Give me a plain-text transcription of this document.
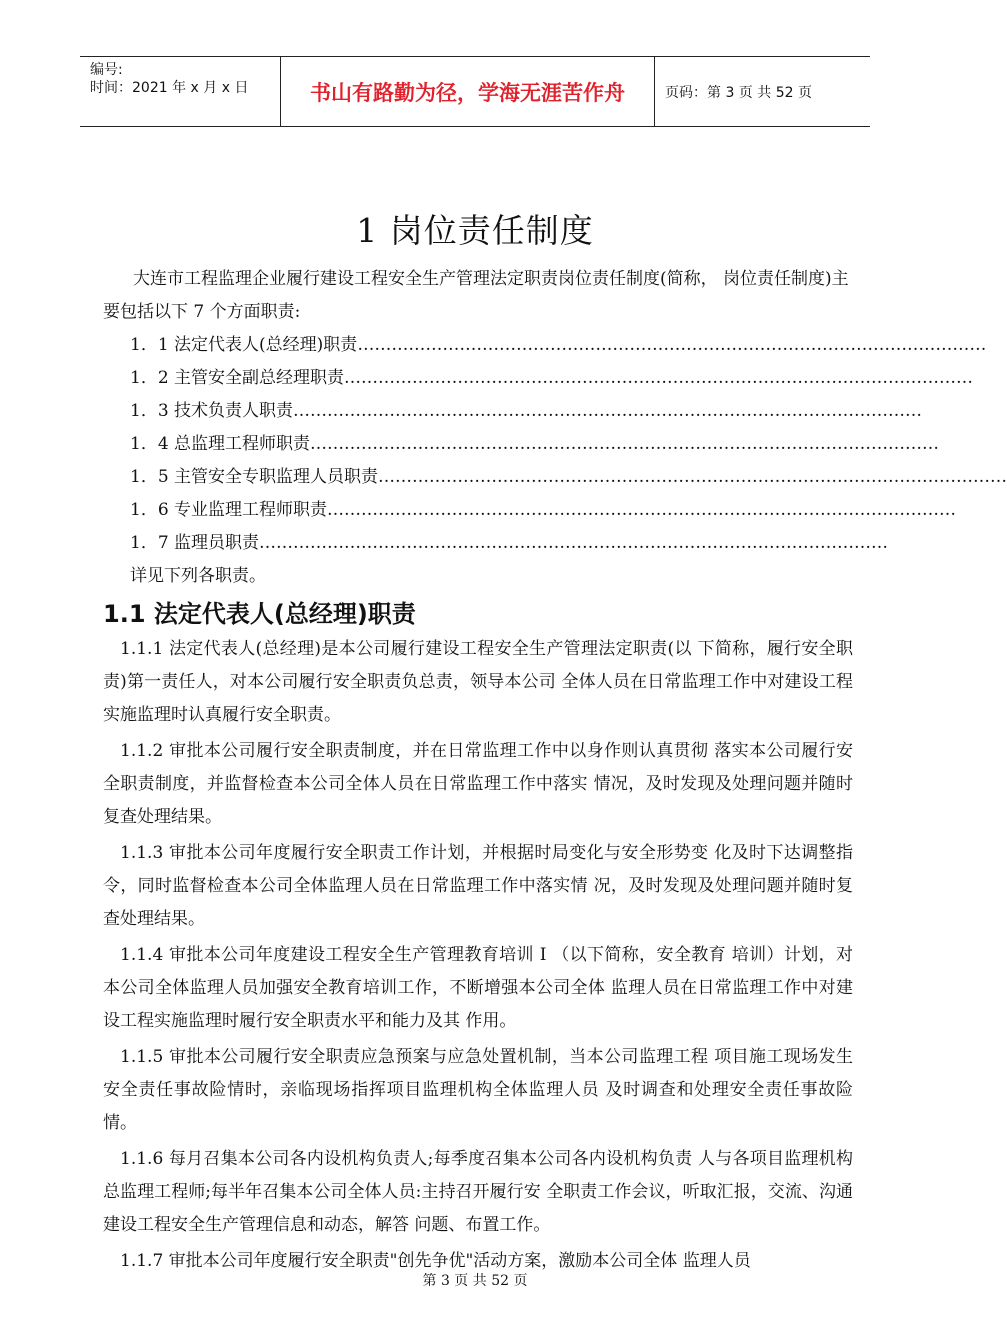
编号:
时间：2021 年 x 月 x 日	书山有路勤为径，学海无涯苦作舟	页码：第 3 页 共 52 页
1 岗位责任制度
大连市工程监理企业履行建设工程安全生产管理法定职责岗位责任制度(简称， 岗位责任制度)主要包括以下 7 个方面职责:
1．1 法定代表人(总经理)职责 …………………………………………………………………………………………………
1．2 主管安全副总经理职责 …………………………………………………………………………………………………
1．3 技术负责人职责 …………………………………………………………………………………………………
1．4 总监理工程师职责 …………………………………………………………………………………………………
1．5 主管安全专职监理人员职责 …………………………………………………………………………………………………
1．6 专业监理工程师职责 …………………………………………………………………………………………………
1．7 监理员职责 …………………………………………………………………………………………………
详见下列各职责。
1.1 法定代表人(总经理)职责

1.1.1 法定代表人(总经理)是本公司履行建设工程安全生产管理法定职责(以 下简称，履行安全职责)第一责任人，对本公司履行安全职责负总责，领导本公司 全体人员在日常监理工作中对建设工程实施监理时认真履行安全职责。

1.1.2 审批本公司履行安全职责制度，并在日常监理工作中以身作则认真贯彻 落实本公司履行安全职责制度，并监督检查本公司全体人员在日常监理工作中落实 情况，及时发现及处理问题并随时复查处理结果。

1.1.3 审批本公司年度履行安全职责工作计划，并根据时局变化与安全形势变 化及时下达调整指令，同时监督检查本公司全体监理人员在日常监理工作中落实情 况，及时发现及处理问题并随时复查处理结果。

1.1.4 审批本公司年度建设工程安全生产管理教育培训 I （以下简称，安全教育 培训）计划，对本公司全体监理人员加强安全教育培训工作，不断增强本公司全体 监理人员在日常监理工作中对建设工程实施监理时履行安全职责水平和能力及其 作用。

1.1.5 审批本公司履行安全职责应急预案与应急处置机制，当本公司监理工程 项目施工现场发生安全责任事故险情时，亲临现场指挥项目监理机构全体监理人员 及时调查和处理安全责任事故险情。

1.1.6 每月召集本公司各内设机构负责人;每季度召集本公司各内设机构负责 人与各项目监理机构总监理工程师;每半年召集本公司全体人员:主持召开履行安 全职责工作会议，听取汇报，交流、沟通建设工程安全生产管理信息和动态，解答 问题、布置工作。

1.1.7 审批本公司年度履行安全职责"创先争优"活动方案，激励本公司全体 监理人员

第 3 页 共 52 页
